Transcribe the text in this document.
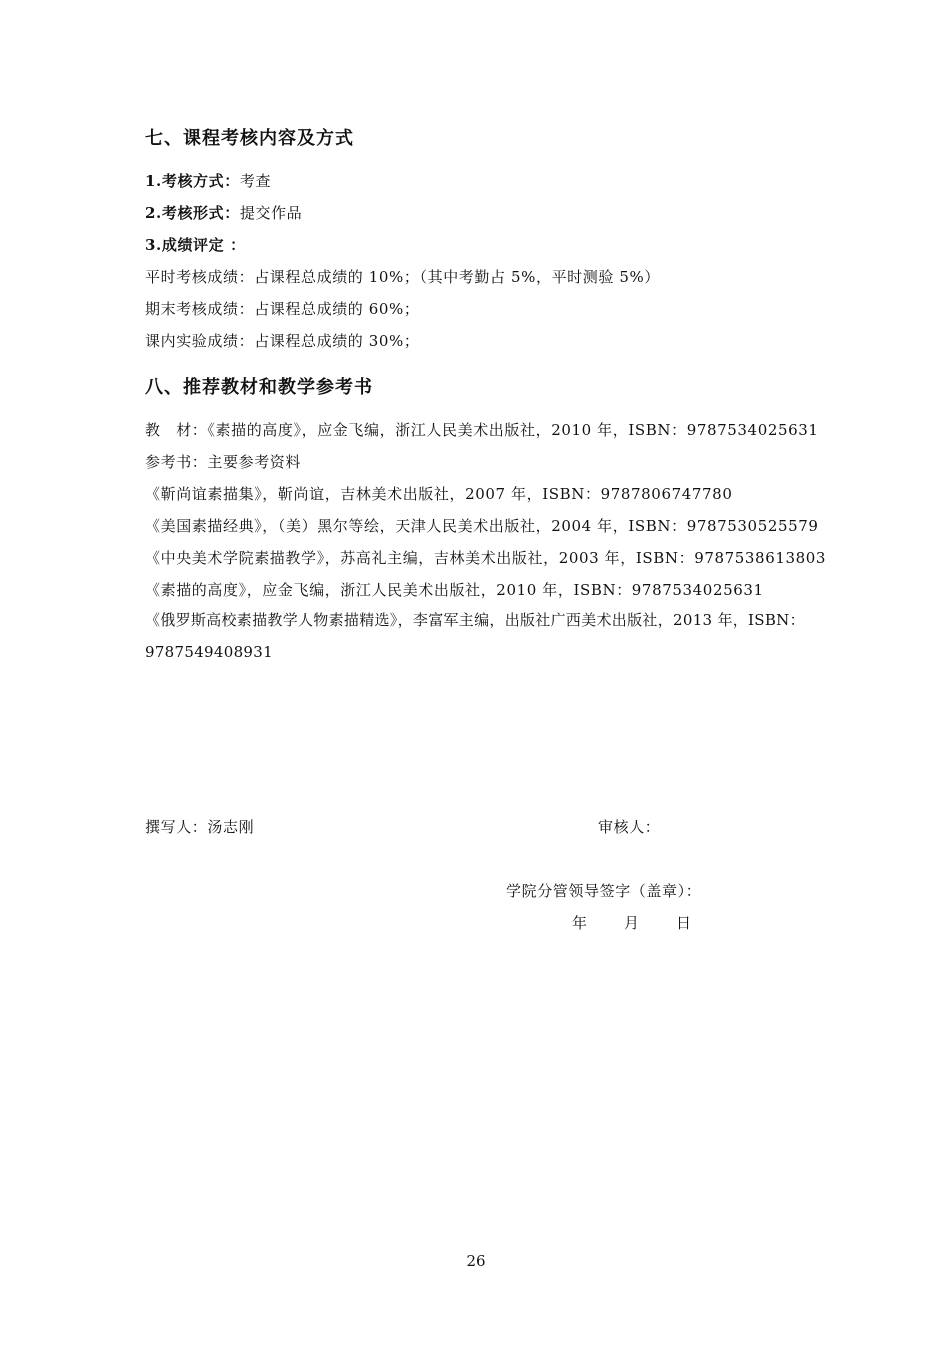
七、课程考核内容及方式
1.考核方式：考查
2.考核形式：提交作品
3.成绩评定 ：
平时考核成绩：占课程总成绩的 10%；（其中考勤占 5%，平时测验 5%）
期末考核成绩：占课程总成绩的 60%；
课内实验成绩：占课程总成绩的 30%；
八、推荐教材和教学参考书
教　材：《素描的高度》，应金飞编，浙江人民美术出版社，2010 年，ISBN：9787534025631
参考书：主要参考资料
《靳尚谊素描集》，靳尚谊，吉林美术出版社，2007 年，ISBN：9787806747780
《美国素描经典》，（美）黑尔等绘，天津人民美术出版社，2004 年，ISBN：9787530525579
《中央美术学院素描教学》，苏高礼主编，吉林美术出版社，2003 年，ISBN：9787538613803
《素描的高度》，应金飞编，浙江人民美术出版社，2010 年，ISBN：9787534025631
《俄罗斯高校素描教学人物素描精选》，李富军主编，出版社广西美术出版社，2013 年，ISBN：9787549408931
撰写人：汤志刚	审核人：
学院分管领导签字（盖章）：
年 月 日
26
